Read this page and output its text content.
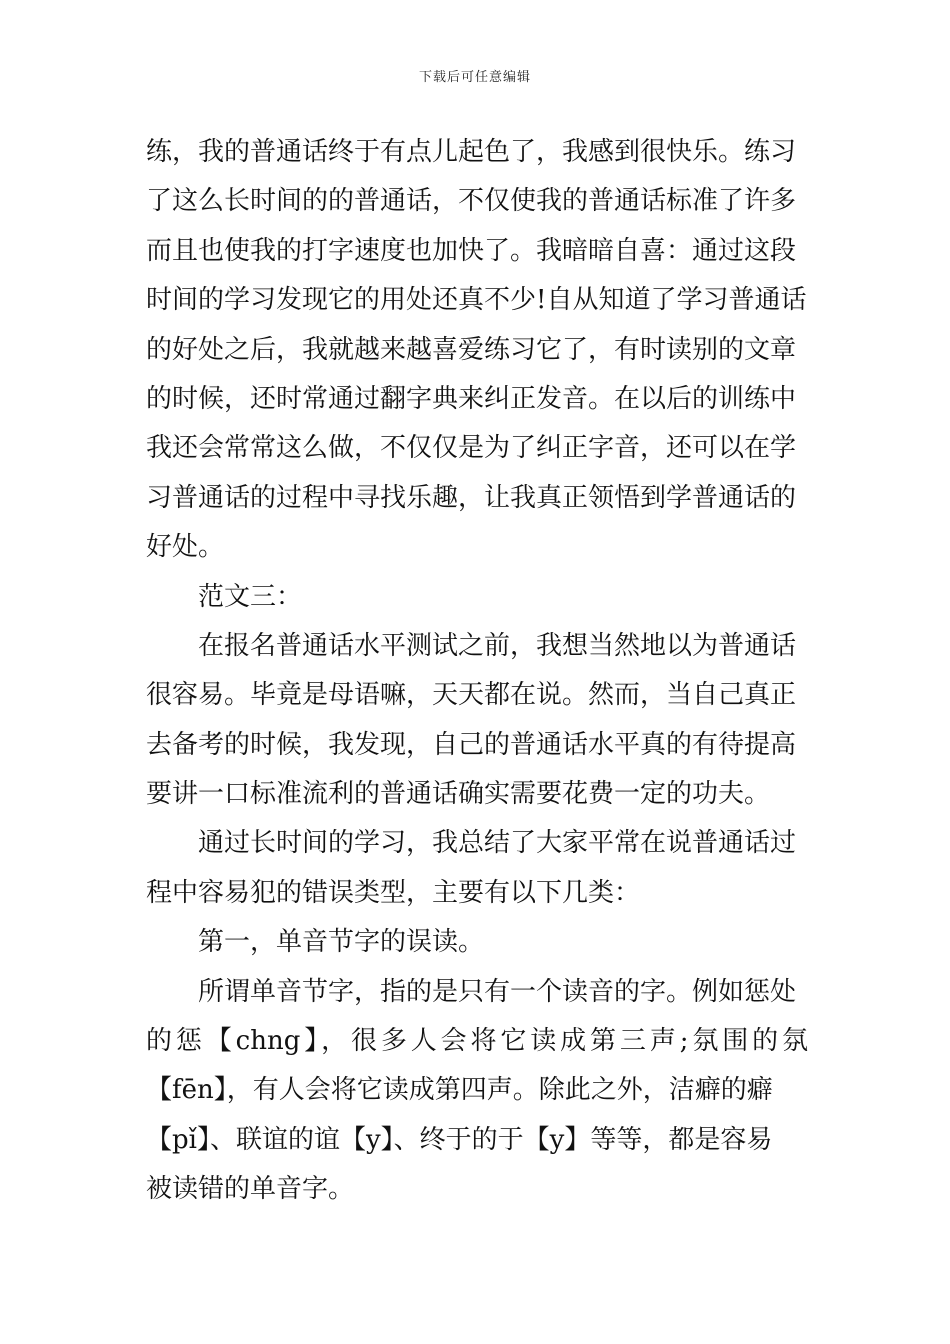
下载后可任意编辑
练，我的普通话终于有点儿起色了，我感到很快乐。练习
了这么长时间的的普通话，不仅使我的普通话标准了许多
而且也使我的打字速度也加快了。我暗暗自喜：通过这段
时间的学习发现它的用处还真不少!自从知道了学习普通话
的好处之后，我就越来越喜爱练习它了，有时读别的文章
的时候，还时常通过翻字典来纠正发音。在以后的训练中
我还会常常这么做，不仅仅是为了纠正字音，还可以在学
习普通话的过程中寻找乐趣，让我真正领悟到学普通话的
好处。
范文三：
在报名普通话水平测试之前，我想当然地以为普通话
很容易。毕竟是母语嘛，天天都在说。然而，当自己真正
去备考的时候，我发现，自己的普通话水平真的有待提高
要讲一口标准流利的普通话确实需要花费一定的功夫。
通过长时间的学习，我总结了大家平常在说普通话过
程中容易犯的错误类型，主要有以下几类：
第一，单音节字的误读。
所谓单音节字，指的是只有一个读音的字。例如惩处
的惩【chng】，很多人会将它读成第三声;氛围的氛
【fēn】，有人会将它读成第四声。除此之外，洁癖的癖
【pǐ】、联谊的谊【y】、终于的于【y】等等，都是容易
被读错的单音字。
